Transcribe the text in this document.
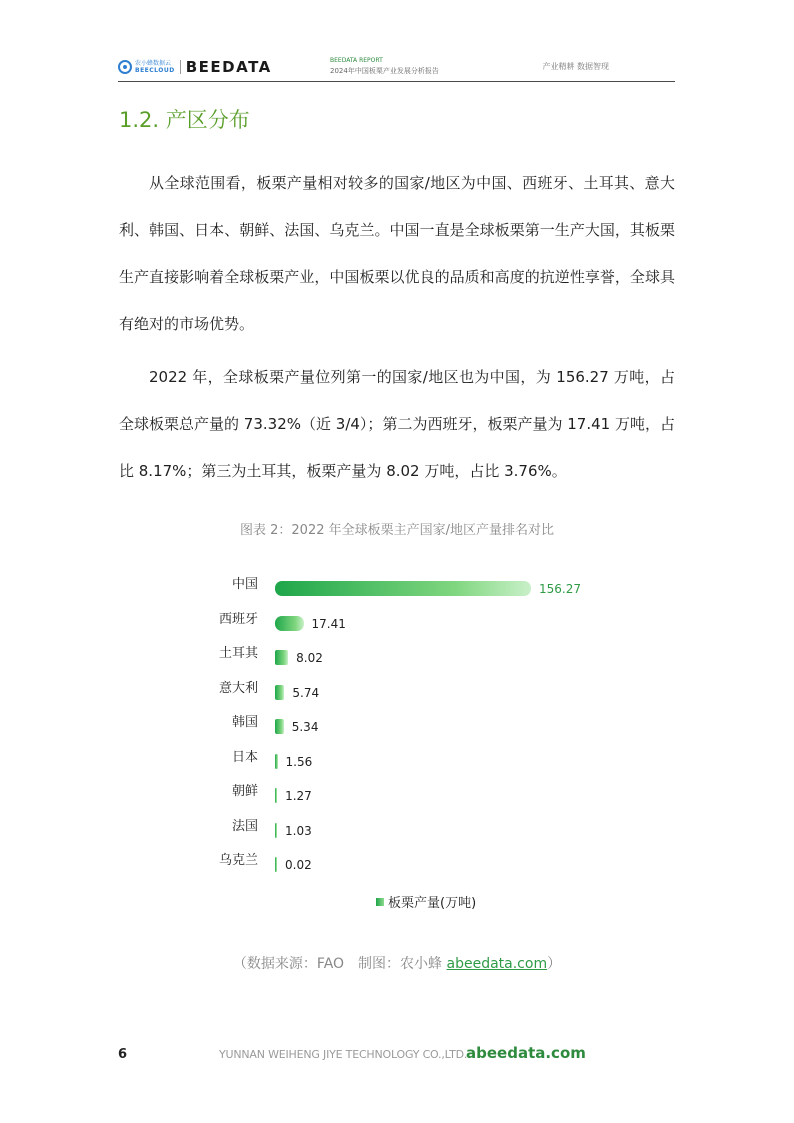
农小蜂数据云
BEECLOUD BEEDATA	BEEDATA REPORT
2024年中国板栗产业发展分析报告	产业精耕 数据智现
1.2. 产区分布

从全球范围看，板栗产量相对较多的国家/地区为中国、西班牙、土耳其、意大利、韩国、日本、朝鲜、法国、乌克兰。中国一直是全球板栗第一生产大国，其板栗生产直接影响着全球板栗产业，中国板栗以优良的品质和高度的抗逆性享誉，全球具有绝对的市场优势。

2022 年，全球板栗产量位列第一的国家/地区也为中国，为 156.27 万吨，占全球板栗总产量的 73.32%（近 3/4）；第二为西班牙，板栗产量为 17.41 万吨，占比 8.17%；第三为土耳其，板栗产量为 8.02 万吨，占比 3.76%。

图表 2：2022 年全球板栗主产国家/地区产量排名对比
中国	156.27
西班牙	17.41
土耳其	8.02
意大利	5.74
韩国	5.34
日本 1.56
朝鲜 1.27
法国 1.03
乌克兰 0.02
板栗产量(万吨)
（数据来源：FAO　制图：农小蜂 abeedata.com）
6	YUNNAN WEIHENG JIYE TECHNOLOGY CO.,LTD.
abeedata.com
